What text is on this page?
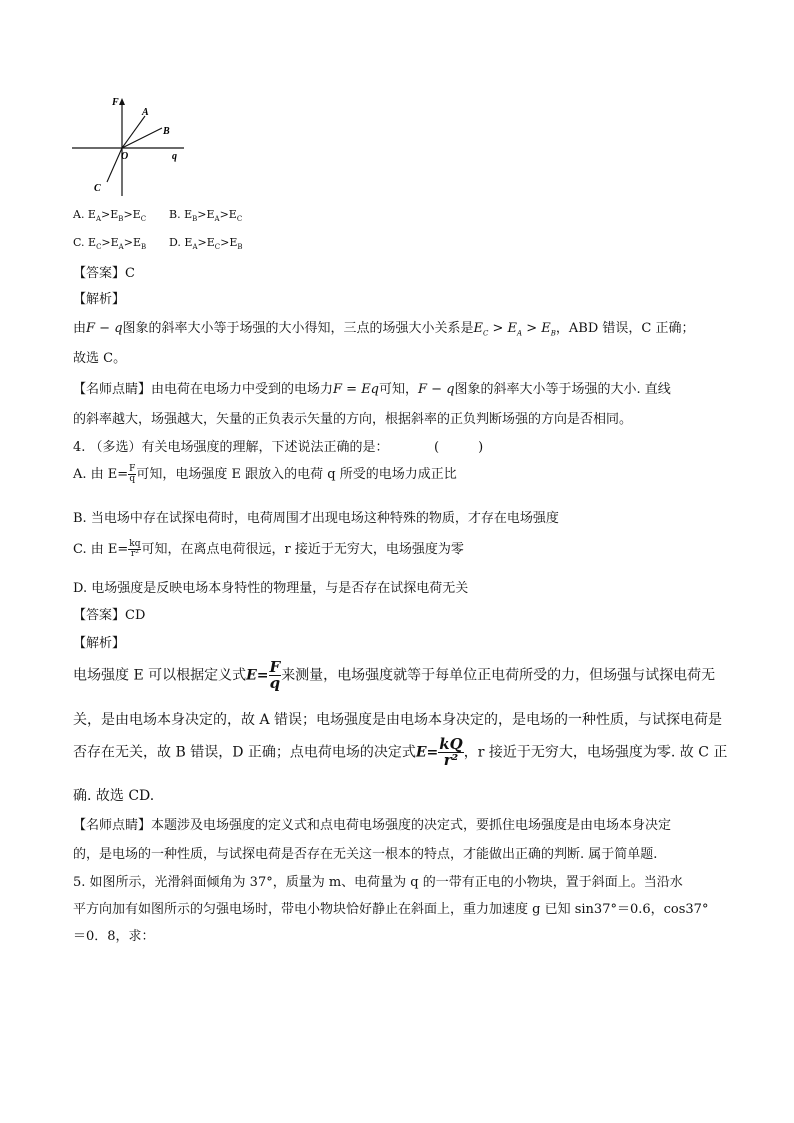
F
A
B
O	q
C
A. $E_A>E_B>E_C$ B. $E_B>E_A>E_C$
C. $E_C>E_A>E_B$ D. $E_A>E_C>E_B$
【答案】C
【解析】
由F − q图象的斜率大小等于场强的大小得知，三点的场强大小关系是$E_C > E_A > E_B$，ABD 错误，C 正确；
故选 C。
【名师点睛】由电荷在电场力中受到的电场力F = Eq可知，F − q图象的斜率大小等于场强的大小. 直线
的斜率越大，场强越大，矢量的正负表示矢量的方向，根据斜率的正负判断场强的方向是否相同。
4. （多选）有关电场强度的理解，下述说法正确的是：	(　　　)
A. 由 $E= \frac{F}{q}$ 可知，电场强度 E 跟放入的电荷 q 所受的电场力成正比
B. 当电场中存在试探电荷时，电荷周围才出现电场这种特殊的物质，才存在电场强度
C. 由 $E= \frac{kq}{\text{r²}}$ 可知，在离点电荷很远，r 接近于无穷大，电场强度为零
D. 电场强度是反映电场本身特性的物理量，与是否存在试探电荷无关
【答案】CD
【解析】
电场强度 E 可以根据定义式$E= \frac{F}{q}$ 来测量，电场强度就等于每单位正电荷所受的力，但场强与试探电荷无
关，是由电场本身决定的，故 A 错误；电场强度是由电场本身决定的，是电场的一种性质，与试探电荷是
否存在无关，故 B 错误，D 正确；点电荷电场的决定式$E= \frac{kQ}{\text{r²}}$ ，r 接近于无穷大，电场强度为零. 故 C 正
确. 故选 CD.
【名师点睛】本题涉及电场强度的定义式和点电荷电场强度的决定式，要抓住电场强度是由电场本身决定
的，是电场的一种性质，与试探电荷是否存在无关这一根本的特点，才能做出正确的判断. 属于简单题.
5. 如图所示，光滑斜面倾角为 37°，质量为 m、电荷量为 q 的一带有正电的小物块，置于斜面上。当沿水
平方向加有如图所示的匀强电场时，带电小物块恰好静止在斜面上，重力加速度 g 已知 sin37°＝0.6，cos37°
＝0．8，求：
